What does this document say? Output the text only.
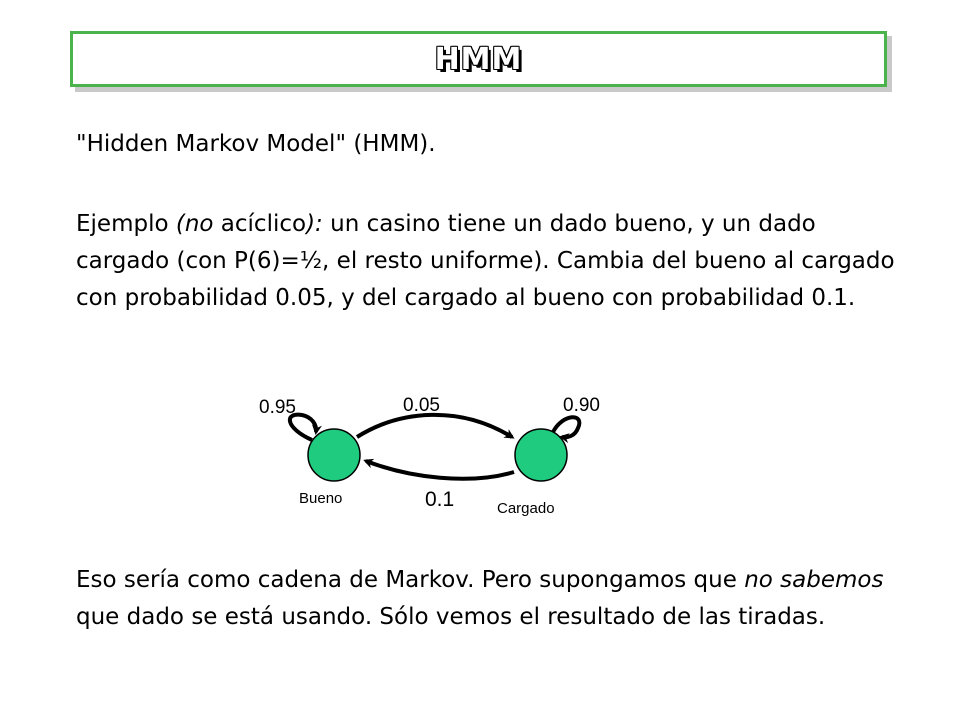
HMM

"Hidden Markov Model" (HMM).

Ejemplo (no acíclico): un casino tiene un dado bueno, y un dado cargado (con P(6)=½, el resto uniforme). Cambia del bueno al cargado con probabilidad 0.05, y del cargado al bueno con probabilidad 0.1.

0.95	0.05	0.90
0.1
Bueno
Cargado

Eso sería como cadena de Markov. Pero supongamos que no sabemos que dado se está usando. Sólo vemos el resultado de las tiradas.
